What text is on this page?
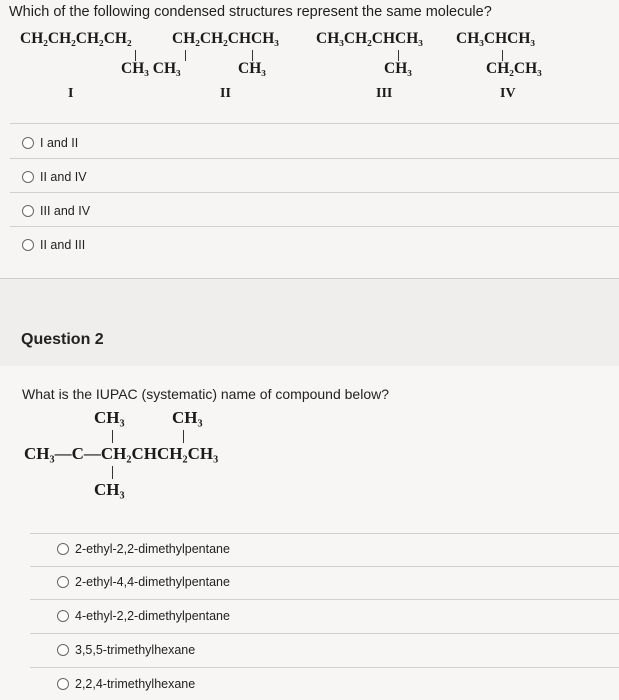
Which of the following condensed structures represent the same molecule?
CH₂CH₂CH₂CH₂
CH₃ CH₃
I
CH₂CH₂CHCH₃
CH₃
II
CH₃CH₂CHCH₃
CH₃
III
CH₃CHCH₃
CH₂CH₃
IV
I and II
II and IV
III and IV
II and III
Question 2
What is the IUPAC (systematic) name of compound below?
CH₃	CH₃
CH₃—C—CH₂CHCH₂CH₃
CH₃
2-ethyl-2,2-dimethylpentane
2-ethyl-4,4-dimethylpentane
4-ethyl-2,2-dimethylpentane
3,5,5-trimethylhexane
2,2,4-trimethylhexane
